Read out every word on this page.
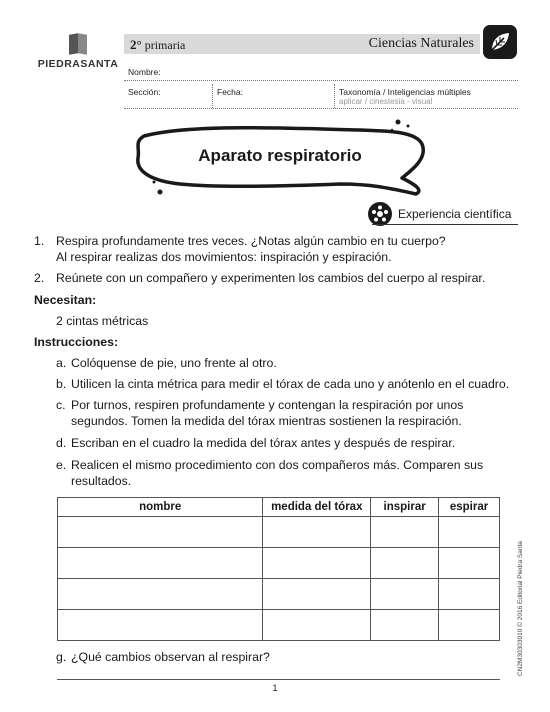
PIEDRASANTA
2° primaria	Ciencias Naturales
Nombre:
Sección:	Fecha:	Taxonomía / Inteligencias múltiples
aplicar / cinestesia - visual
Aparato respiratorio
Experiencia científica
1. Respira profundamente tres veces. ¿Notas algún cambio en tu cuerpo?
Al respirar realizas dos movimientos: inspiración y espiración.
2. Reúnete con un compañero y experimenten los cambios del cuerpo al respirar.
Necesitan:
2 cintas métricas
Instrucciones:
a. Colóquense de pie, uno frente al otro.
b. Utilicen la cinta métrica para medir el tórax de cada uno y anótenlo en el cuadro.
c. Por turnos, respiren profundamente y contengan la respiración por unos
segundos. Tomen la medida del tórax mientras sostienen la respiración.
d. Escriban en el cuadro la medida del tórax antes y después de respirar.
e. Realicen el mismo procedimiento con dos compañeros más. Comparen sus
resultados.
nombre	medida del tórax	inspirar	espirar

g. ¿Qué cambios observan al respirar?	CN2M30303010 © 2016 Editorial Piedra Santa
1
